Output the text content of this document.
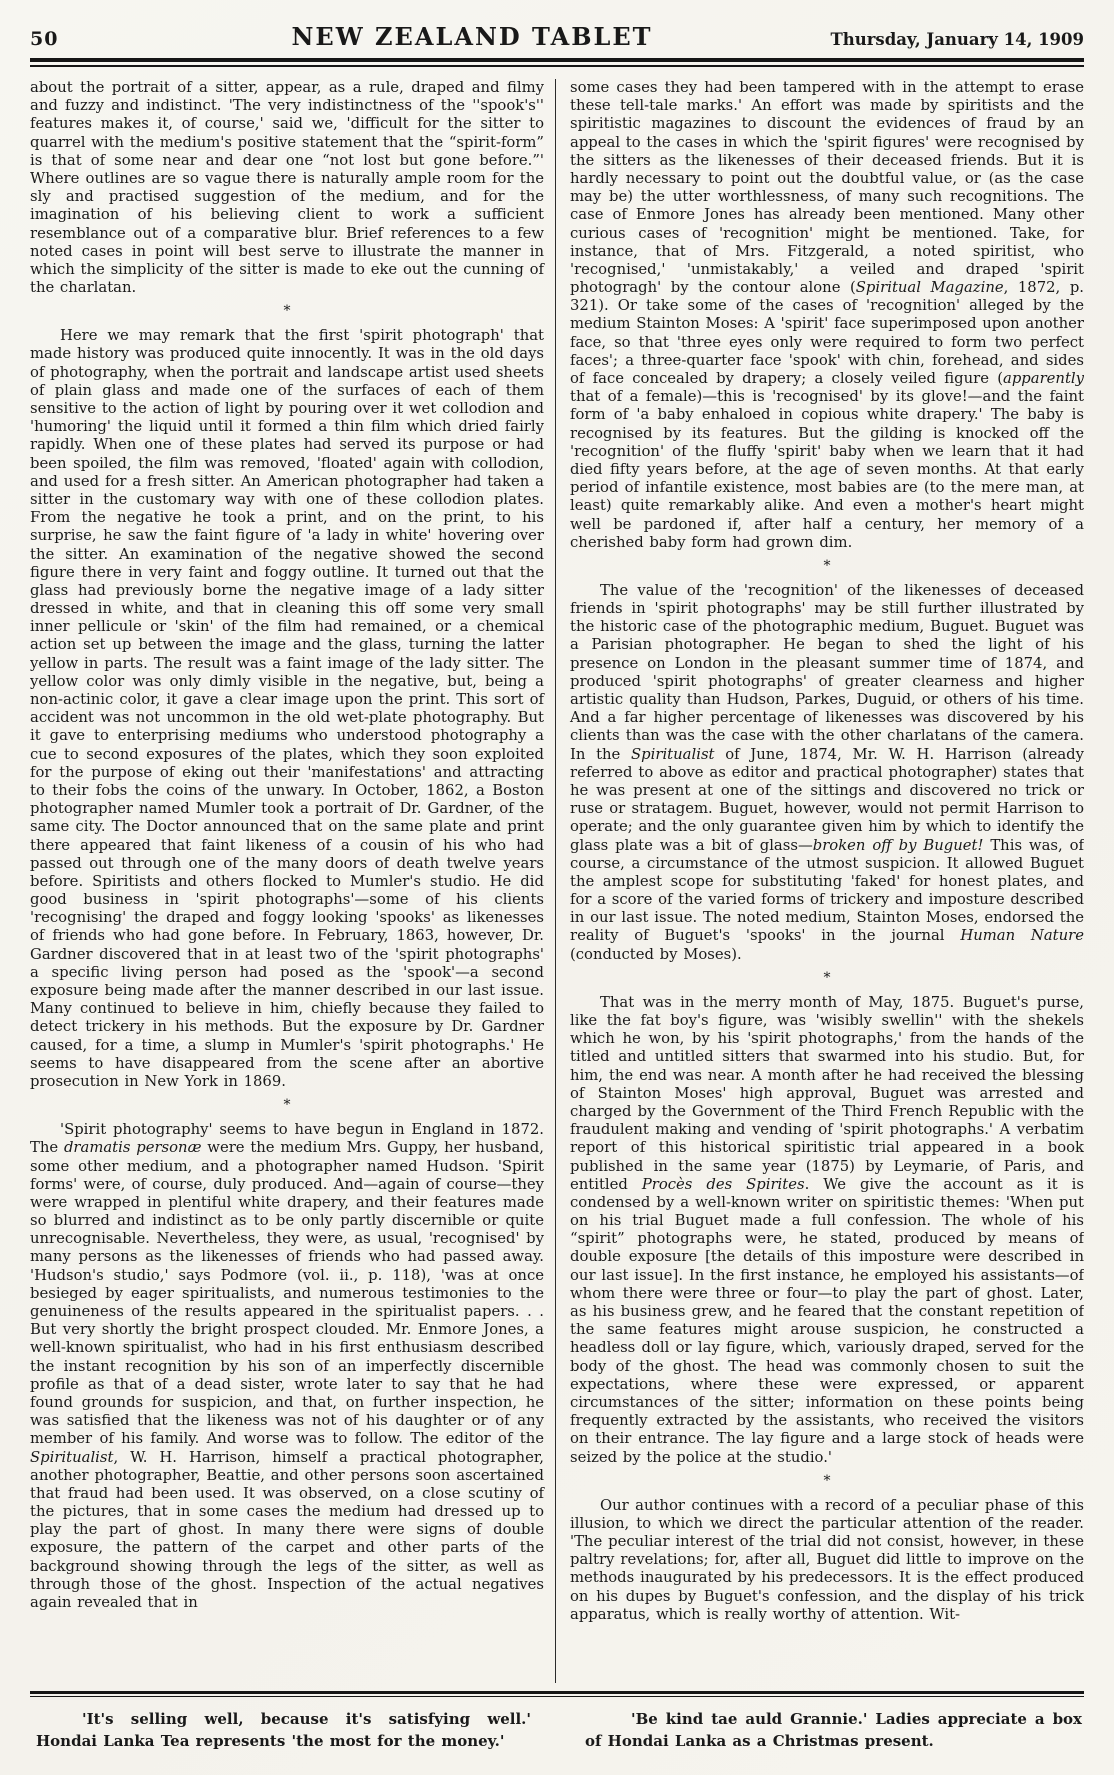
50	NEW ZEALAND TABLET	Thursday, January 14, 1909

about the portrait of a sitter, appear, as a rule, draped and filmy and fuzzy and indistinct. 'The very indistinctness of the ''spook's'' features makes it, of course,' said we, 'difficult for the sitter to quarrel with the medium's positive statement that the “spirit-form” is that of some near and dear one “not lost but gone before.”' Where outlines are so vague there is naturally ample room for the sly and practised suggestion of the medium, and for the imagination of his believing client to work a sufficient resemblance out of a comparative blur. Brief references to a few noted cases in point will best serve to illustrate the manner in which the simplicity of the sitter is made to eke out the cunning of the charlatan.

*

Here we may remark that the first 'spirit photograph' that made history was produced quite innocently. It was in the old days of photography, when the portrait and landscape artist used sheets of plain glass and made one of the surfaces of each of them sensitive to the action of light by pouring over it wet collodion and 'humoring' the liquid until it formed a thin film which dried fairly rapidly. When one of these plates had served its purpose or had been spoiled, the film was removed, 'floated' again with collodion, and used for a fresh sitter. An American photographer had taken a sitter in the customary way with one of these collodion plates. From the negative he took a print, and on the print, to his surprise, he saw the faint figure of 'a lady in white' hovering over the sitter. An examination of the negative showed the second figure there in very faint and foggy outline. It turned out that the glass had previously borne the negative image of a lady sitter dressed in white, and that in cleaning this off some very small inner pellicule or 'skin' of the film had remained, or a chemical action set up between the image and the glass, turning the latter yellow in parts. The result was a faint image of the lady sitter. The yellow color was only dimly visible in the negative, but, being a non-actinic color, it gave a clear image upon the print. This sort of accident was not uncommon in the old wet-plate photography. But it gave to enterprising mediums who understood photography a cue to second exposures of the plates, which they soon exploited for the purpose of eking out their 'manifestations' and attracting to their fobs the coins of the unwary. In October, 1862, a Boston photographer named Mumler took a portrait of Dr. Gardner, of the same city. The Doctor announced that on the same plate and print there appeared that faint likeness of a cousin of his who had passed out through one of the many doors of death twelve years before. Spiritists and others flocked to Mumler's studio. He did good business in 'spirit photographs'—some of his clients 'recognising' the draped and foggy looking 'spooks' as likenesses of friends who had gone before. In February, 1863, however, Dr. Gardner discovered that in at least two of the 'spirit photographs' a specific living person had posed as the 'spook'—a second exposure being made after the manner described in our last issue. Many continued to believe in him, chiefly because they failed to detect trickery in his methods. But the exposure by Dr. Gardner caused, for a time, a slump in Mumler's 'spirit photographs.' He seems to have disappeared from the scene after an abortive prosecution in New York in 1869.

*

'Spirit photography' seems to have begun in England in 1872. The dramatis personæ were the medium Mrs. Guppy, her husband, some other medium, and a photographer named Hudson. 'Spirit forms' were, of course, duly produced. And—again of course—they were wrapped in plentiful white drapery, and their features made so blurred and indistinct as to be only partly discernible or quite unrecognisable. Nevertheless, they were, as usual, 'recognised' by many persons as the likenesses of friends who had passed away. 'Hudson's studio,' says Podmore (vol. ii., p. 118), 'was at once besieged by eager spiritualists, and numerous testimonies to the genuineness of the results appeared in the spiritualist papers. . . But very shortly the bright prospect clouded. Mr. Enmore Jones, a well-known spiritualist, who had in his first enthusiasm described the instant recognition by his son of an imperfectly discernible profile as that of a dead sister, wrote later to say that he had found grounds for suspicion, and that, on further inspection, he was satisfied that the likeness was not of his daughter or of any member of his family. And worse was to follow. The editor of the Spiritualist, W. H. Harrison, himself a practical photographer, another photographer, Beattie, and other persons soon ascertained that fraud had been used. It was observed, on a close scutiny of the pictures, that in some cases the medium had dressed up to play the part of ghost. In many there were signs of double exposure, the pattern of the carpet and other parts of the background showing through the legs of the sitter, as well as through those of the ghost. Inspection of the actual negatives again revealed that in

some cases they had been tampered with in the attempt to erase these tell-tale marks.' An effort was made by spiritists and the spiritistic magazines to discount the evidences of fraud by an appeal to the cases in which the 'spirit figures' were recognised by the sitters as the likenesses of their deceased friends. But it is hardly necessary to point out the doubtful value, or (as the case may be) the utter worthlessness, of many such recognitions. The case of Enmore Jones has already been mentioned. Many other curious cases of 'recognition' might be mentioned. Take, for instance, that of Mrs. Fitzgerald, a noted spiritist, who 'recognised,' 'unmistakably,' a veiled and draped 'spirit photogragh' by the contour alone (Spiritual Magazine, 1872, p. 321). Or take some of the cases of 'recognition' alleged by the medium Stainton Moses: A 'spirit' face superimposed upon another face, so that 'three eyes only were required to form two perfect faces'; a three-quarter face 'spook' with chin, forehead, and sides of face concealed by drapery; a closely veiled figure (apparently that of a female)—this is 'recognised' by its glove!—and the faint form of 'a baby enhaloed in copious white drapery.' The baby is recognised by its features. But the gilding is knocked off the 'recognition' of the fluffy 'spirit' baby when we learn that it had died fifty years before, at the age of seven months. At that early period of infantile existence, most babies are (to the mere man, at least) quite remarkably alike. And even a mother's heart might well be pardoned if, after half a century, her memory of a cherished baby form had grown dim.

*

The value of the 'recognition' of the likenesses of deceased friends in 'spirit photographs' may be still further illustrated by the historic case of the photographic medium, Buguet. Buguet was a Parisian photographer. He began to shed the light of his presence on London in the pleasant summer time of 1874, and produced 'spirit photographs' of greater clearness and higher artistic quality than Hudson, Parkes, Duguid, or others of his time. And a far higher percentage of likenesses was discovered by his clients than was the case with the other charlatans of the camera. In the Spiritualist of June, 1874, Mr. W. H. Harrison (already referred to above as editor and practical photographer) states that he was present at one of the sittings and discovered no trick or ruse or stratagem. Buguet, however, would not permit Harrison to operate; and the only guarantee given him by which to identify the glass plate was a bit of glass—broken off by Buguet! This was, of course, a circumstance of the utmost suspicion. It allowed Buguet the amplest scope for substituting 'faked' for honest plates, and for a score of the varied forms of trickery and imposture described in our last issue. The noted medium, Stainton Moses, endorsed the reality of Buguet's 'spooks' in the journal Human Nature (conducted by Moses).

*

That was in the merry month of May, 1875. Buguet's purse, like the fat boy's figure, was 'wisibly swellin'' with the shekels which he won, by his 'spirit photographs,' from the hands of the titled and untitled sitters that swarmed into his studio. But, for him, the end was near. A month after he had received the blessing of Stainton Moses' high approval, Buguet was arrested and charged by the Government of the Third French Republic with the fraudulent making and vending of 'spirit photographs.' A verbatim report of this historical spiritistic trial appeared in a book published in the same year (1875) by Leymarie, of Paris, and entitled Procès des Spirites. We give the account as it is condensed by a well-known writer on spiritistic themes: 'When put on his trial Buguet made a full confession. The whole of his “spirit” photographs were, he stated, produced by means of double exposure [the details of this imposture were described in our last issue]. In the first instance, he employed his assistants—of whom there were three or four—to play the part of ghost. Later, as his business grew, and he feared that the constant repetition of the same features might arouse suspicion, he constructed a headless doll or lay figure, which, variously draped, served for the body of the ghost. The head was commonly chosen to suit the expectations, where these were expressed, or apparent circumstances of the sitter; information on these points being frequently extracted by the assistants, who received the visitors on their entrance. The lay figure and a large stock of heads were seized by the police at the studio.'

*

Our author continues with a record of a peculiar phase of this illusion, to which we direct the particular attention of the reader. 'The peculiar interest of the trial did not consist, however, in these paltry revelations; for, after all, Buguet did little to improve on the methods inaugurated by his predecessors. It is the effect produced on his dupes by Buguet's confession, and the display of his trick apparatus, which is really worthy of attention. Wit-

'It's selling well, because it's satisfying well.' Hondai Lanka Tea represents 'the most for the money.'

'Be kind tae auld Grannie.' Ladies appreciate a box of Hondai Lanka as a Christmas present.
